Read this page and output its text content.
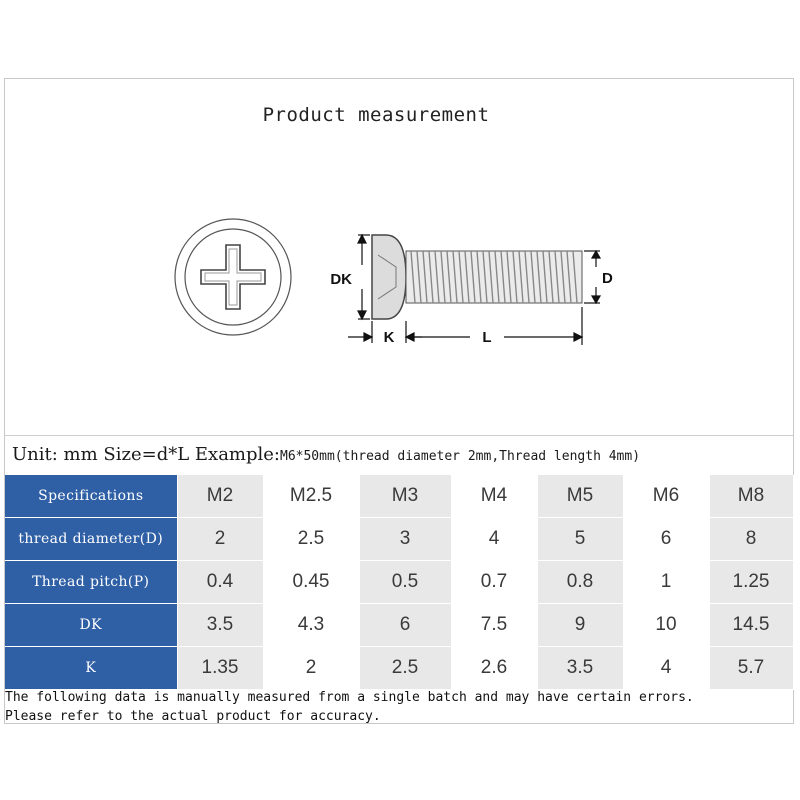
Product measurement
DK
K	L
D
Unit: mm Size=d*L Example:M6*50mm(thread diameter 2mm,Thread length 4mm)
Specifications	M2	M2.5	M3	M4	M5	M6	M8
thread diameter(D)	2	2.5	3	4	5	6	8
Thread pitch(P)	0.4	0.45	0.5	0.7	0.8	1	1.25
DK	3.5	4.3	6	7.5	9	10	14.5
K	1.35	2	2.5	2.6	3.5	4	5.7
The following data is manually measured from a single batch and may have certain errors.
Please refer to the actual product for accuracy.
